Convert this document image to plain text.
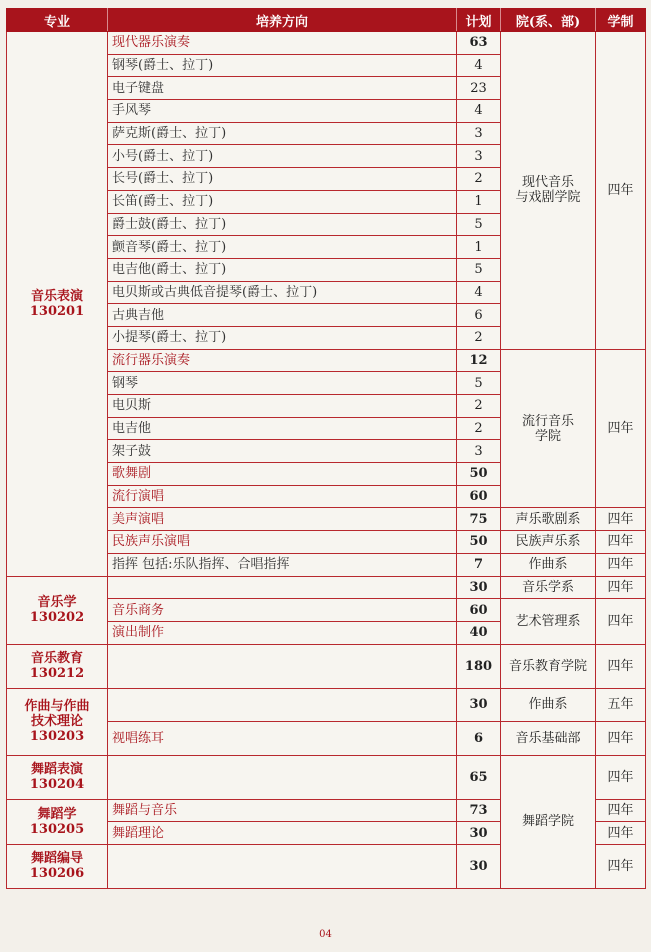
专业	培养方向	计划	院(系、部)	学制
音乐表演
130201	现代器乐演奏	63	现代音乐
与戏剧学院	四年
	钢琴(爵士、拉丁)	4		
	电子键盘	23		
	手风琴	4		
	萨克斯(爵士、拉丁)	3		
	小号(爵士、拉丁)	3		
	长号(爵士、拉丁)	2		
	长笛(爵士、拉丁)	1		
	爵士鼓(爵士、拉丁)	5		
	颤音琴(爵士、拉丁)	1		
	电吉他(爵士、拉丁)	5		
	电贝斯或古典低音提琴(爵士、拉丁)	4		
	古典吉他	6		
	小提琴(爵士、拉丁)	2		
	流行器乐演奏	12	流行音乐
学院	四年
	钢琴	5		
	电贝斯	2		
	电吉他	2		
	架子鼓	3		
	歌舞剧	50		
	流行演唱	60		
	美声演唱	75	声乐歌剧系	四年
	民族声乐演唱	50	民族声乐系	四年
	指挥 包括:乐队指挥、合唱指挥	7	作曲系	四年
音乐学
130202		30	音乐学系	四年
	音乐商务	60	艺术管理系	四年
	演出制作	40		
音乐教育
130212		180	音乐教育学院	四年
作曲与作曲
技术理论
130203		30	作曲系	五年
	视唱练耳	6	音乐基础部	四年
舞蹈表演
130204		65	舞蹈学院	四年
舞蹈学
130205	舞蹈与音乐	73		四年
	舞蹈理论	30		四年
舞蹈编导
130206		30		四年
04
